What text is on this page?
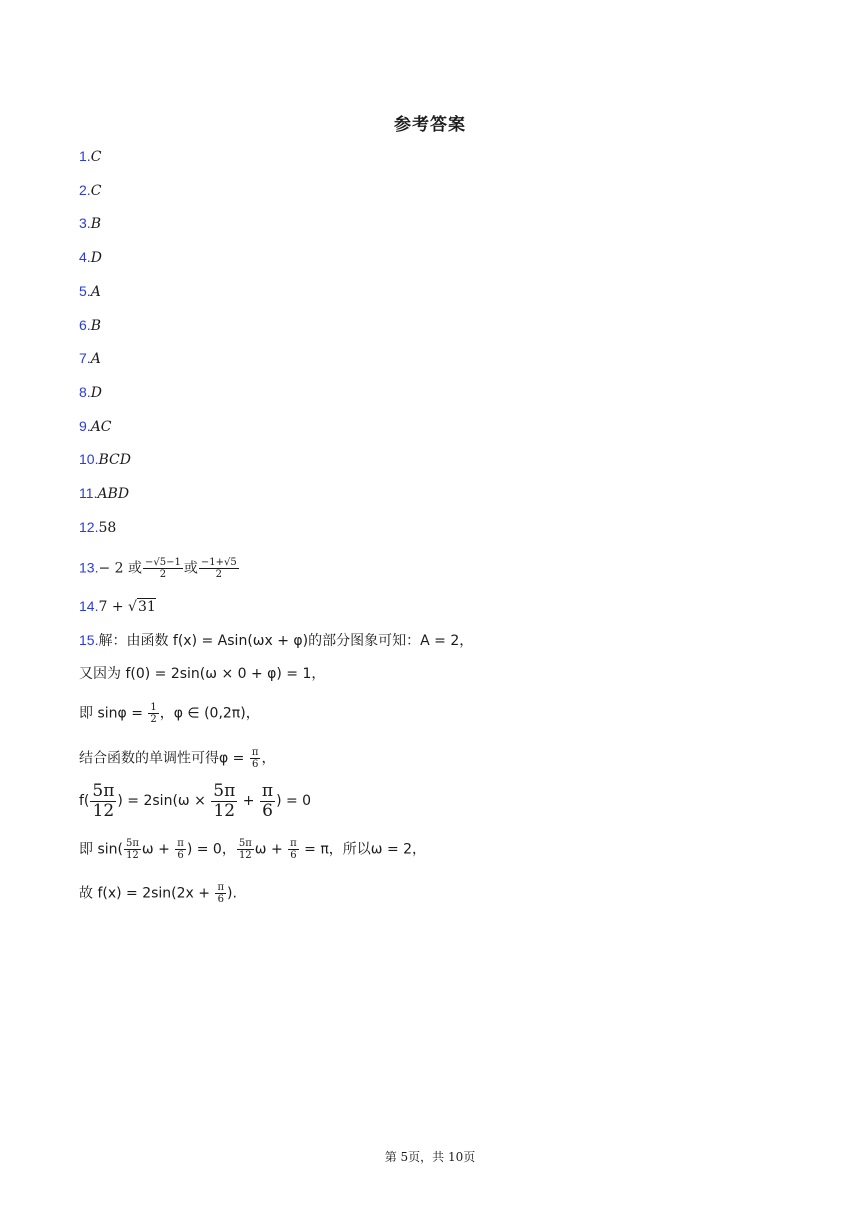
参考答案
1.C
2.C
3.B
4.D
5.A
6.B
7.A
8.D
9.AC
10.BCD
11.ABD
12.58
13.− 2 或 $\frac{-√5-1}{2}$ 或 $\frac{-1+√5}{2}$
14.7 + √31
15.解：由函数 f(x) = Asin(ωx + φ)的部分图象可知：A = 2，
又因为 f(0) = 2sin(ω × 0 + φ) = 1，
即 $\sin\varphi = \frac{1}{2}$ ，φ ∈ (0,2π)，
结合函数的单调性可得$\varphi = \frac{\pi}{6}$ ，
$f( \frac{5\pi}{12}$ ) = $2\sin(\omega \times \frac{5\pi}{12} + \frac{\pi}{6}$ ) = 0
即 $\sin( \frac{5\pi}{12}$ $\omega + \frac{\pi}{6}$ ) = 0， $\frac{5\pi}{12}$ $\omega + \frac{\pi}{6} = \pi$，所以ω = 2，
故 $f(x) = 2\sin(2x + \frac{\pi}{6}$ ).
第 5页，共 10页
